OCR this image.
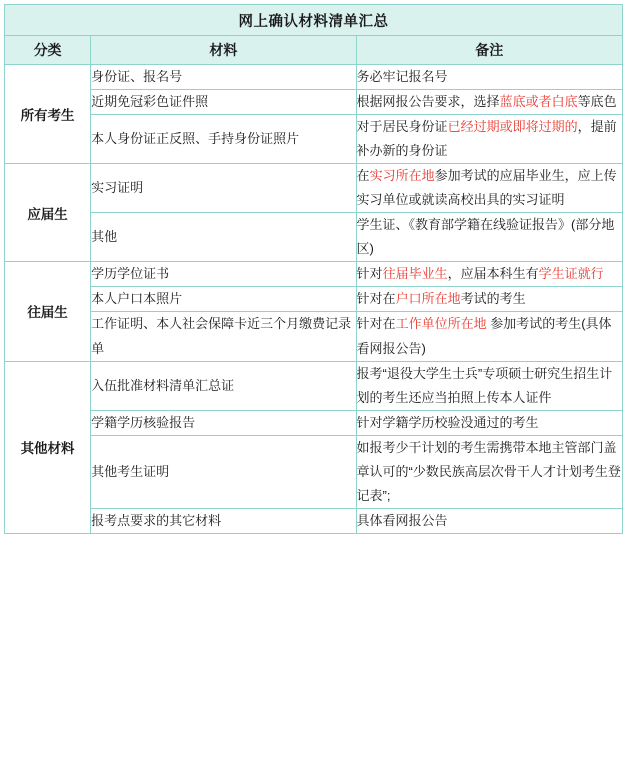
网上确认材料清单汇总		
分类	材料	备注
所有考生	身份证、报名号	务必牢记报名号
	近期免冠彩色证件照	根据网报公告要求，选择蓝底或者白底等底色
	本人身份证正反照、手持身份证照片	对于居民身份证已经过期或即将过期的，提前补办新的身份证
应届生	实习证明	在实习所在地参加考试的应届毕业生，应上传实习单位或就读高校出具的实习证明
	其他	学生证、《教育部学籍在线验证报告》(部分地区)
往届生	学历学位证书	针对往届毕业生，应届本科生有学生证就行
	本人户口本照片	针对在户口所在地考试的考生
	工作证明、本人社会保障卡近三个月缴费记录单	针对在工作单位所在地 参加考试的考生(具体看网报公告)
其他材料	入伍批准材料清单汇总证	报考“退役大学生士兵”专项硕士研究生招生计划的考生还应当拍照上传本人证件
	学籍学历核验报告	针对学籍学历校验没通过的考生
	其他考生证明	如报考少干计划的考生需携带本地主管部门盖章认可的“少数民族高层次骨干人才计划考生登记表”;
	报考点要求的其它材料	具体看网报公告
